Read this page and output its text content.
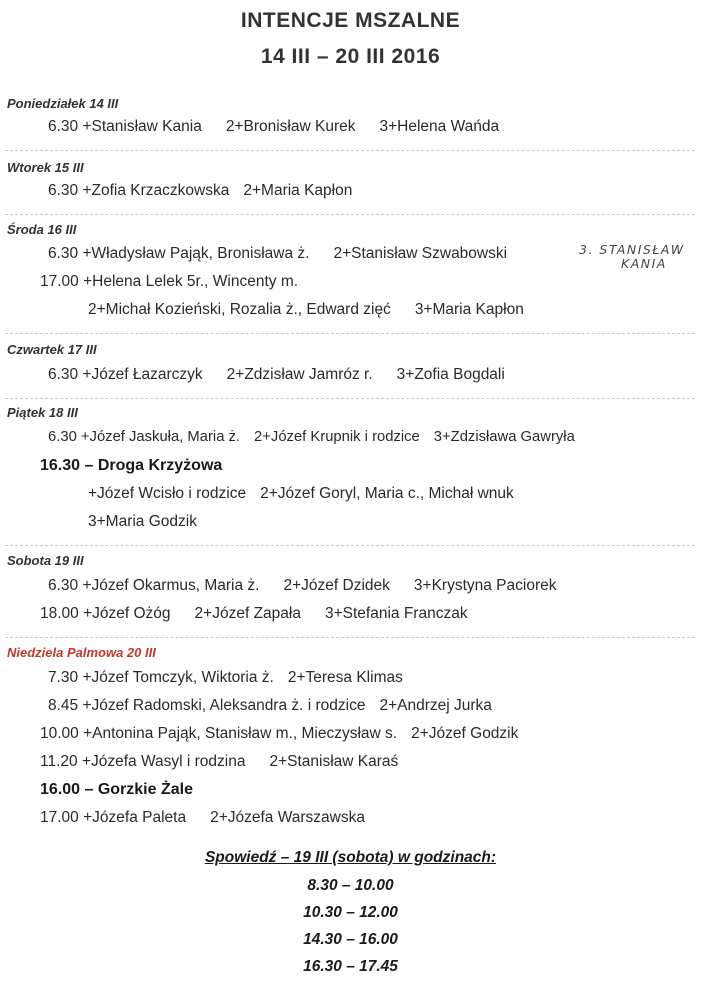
INTENCJE MSZALNE
14 III – 20 III 2016
Poniedziałek 14 III
6.30 +Stanisław Kania 2+Bronisław Kurek 3+Helena Wańda
Wtorek 15 III
6.30 +Zofia Krzaczkowska 2+Maria Kapłon
Środa 16 III
6.30 +Władysław Pająk, Bronisława ż. 2+Stanisław Szwabowski	3. STANISŁAW
KANIA
17.00 +Helena Lelek 5r., Wincenty m.
2+Michał Kozieński, Rozalia ż., Edward zięć 3+Maria Kapłon
Czwartek 17 III
6.30 +Józef Łazarczyk 2+Zdzisław Jamróz r. 3+Zofia Bogdali
Piątek 18 III
6.30 +Józef Jaskuła, Maria ż. 2+Józef Krupnik i rodzice 3+Zdzisława Gawryła
16.30 – Droga Krzyżowa
+Józef Wcisło i rodzice 2+Józef Goryl, Maria c., Michał wnuk
3+Maria Godzik
Sobota 19 III
6.30 +Józef Okarmus, Maria ż. 2+Józef Dzidek 3+Krystyna Paciorek
18.00 +Józef Ożóg 2+Józef Zapała 3+Stefania Franczak
Niedziela Palmowa 20 III
7.30 +Józef Tomczyk, Wiktoria ż. 2+Teresa Klimas
8.45 +Józef Radomski, Aleksandra ż. i rodzice 2+Andrzej Jurka
10.00 +Antonina Pająk, Stanisław m., Mieczysław s. 2+Józef Godzik
11.20 +Józefa Wasyl i rodzina 2+Stanisław Karaś
16.00 – Gorzkie Żale
17.00 +Józefa Paleta 2+Józefa Warszawska
Spowiedź – 19 III (sobota) w godzinach:
8.30 – 10.00
10.30 – 12.00
14.30 – 16.00
16.30 – 17.45
